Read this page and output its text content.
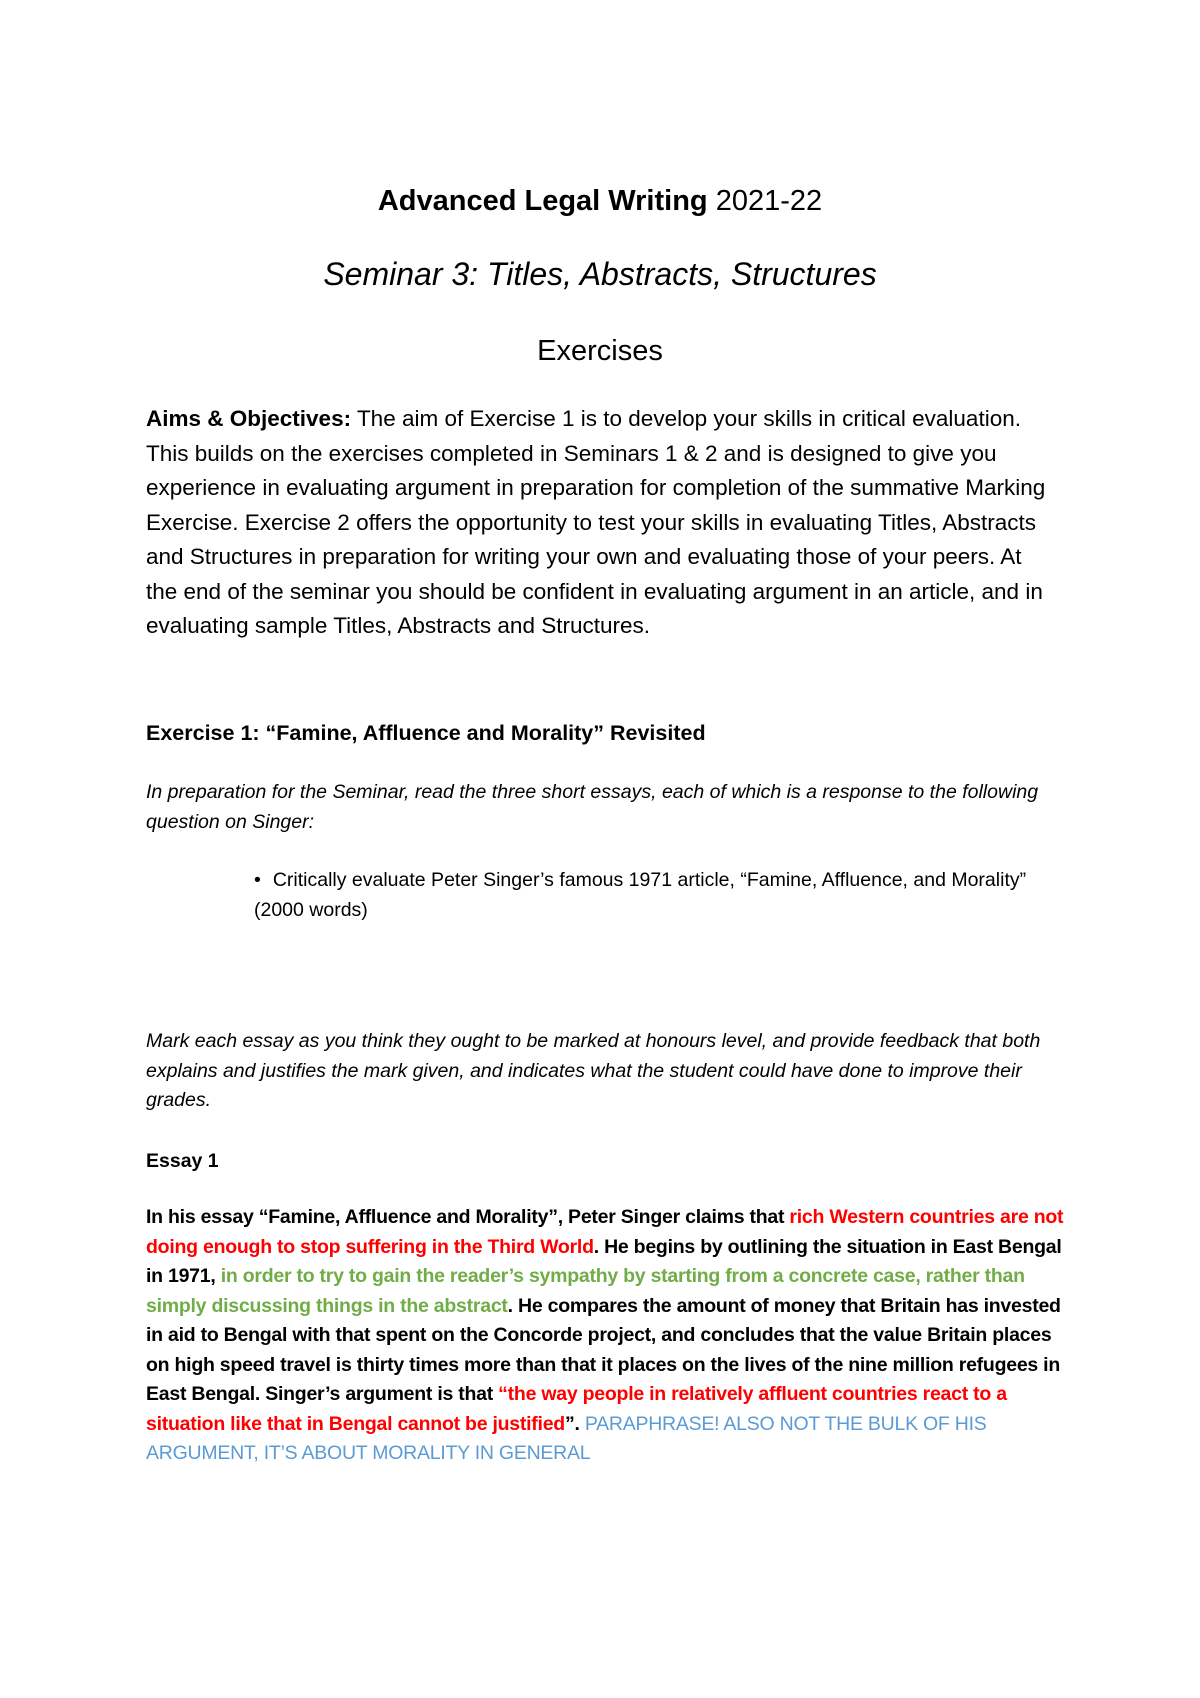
Advanced Legal Writing 2021-22
Seminar 3: Titles, Abstracts, Structures
Exercises

Aims & Objectives: The aim of Exercise 1 is to develop your skills in critical evaluation. This builds on the exercises completed in Seminars 1 & 2 and is designed to give you experience in evaluating argument in preparation for completion of the summative Marking Exercise. Exercise 2 offers the opportunity to test your skills in evaluating Titles, Abstracts and Structures in preparation for writing your own and evaluating those of your peers. At the end of the seminar you should be confident in evaluating argument in an article, and in evaluating sample Titles, Abstracts and Structures.

Exercise 1: “Famine, Affluence and Morality” Revisited

In preparation for the Seminar, read the three short essays, each of which is a response to the following question on Singer:

• Critically evaluate Peter Singer’s famous 1971 article, “Famine, Affluence, and Morality” (2000 words)

Mark each essay as you think they ought to be marked at honours level, and provide feedback that both explains and justifies the mark given, and indicates what the student could have done to improve their grades.

Essay 1

In his essay “Famine, Affluence and Morality”, Peter Singer claims that rich Western countries are not doing enough to stop suffering in the Third World. He begins by outlining the situation in East Bengal in 1971, in order to try to gain the reader’s sympathy by starting from a concrete case, rather than simply discussing things in the abstract. He compares the amount of money that Britain has invested in aid to Bengal with that spent on the Concorde project, and concludes that the value Britain places on high speed travel is thirty times more than that it places on the lives of the nine million refugees in East Bengal. Singer’s argument is that “the way people in relatively affluent countries react to a situation like that in Bengal cannot be justified”. PARAPHRASE! ALSO NOT THE BULK OF HIS ARGUMENT, IT’S ABOUT MORALITY IN GENERAL
